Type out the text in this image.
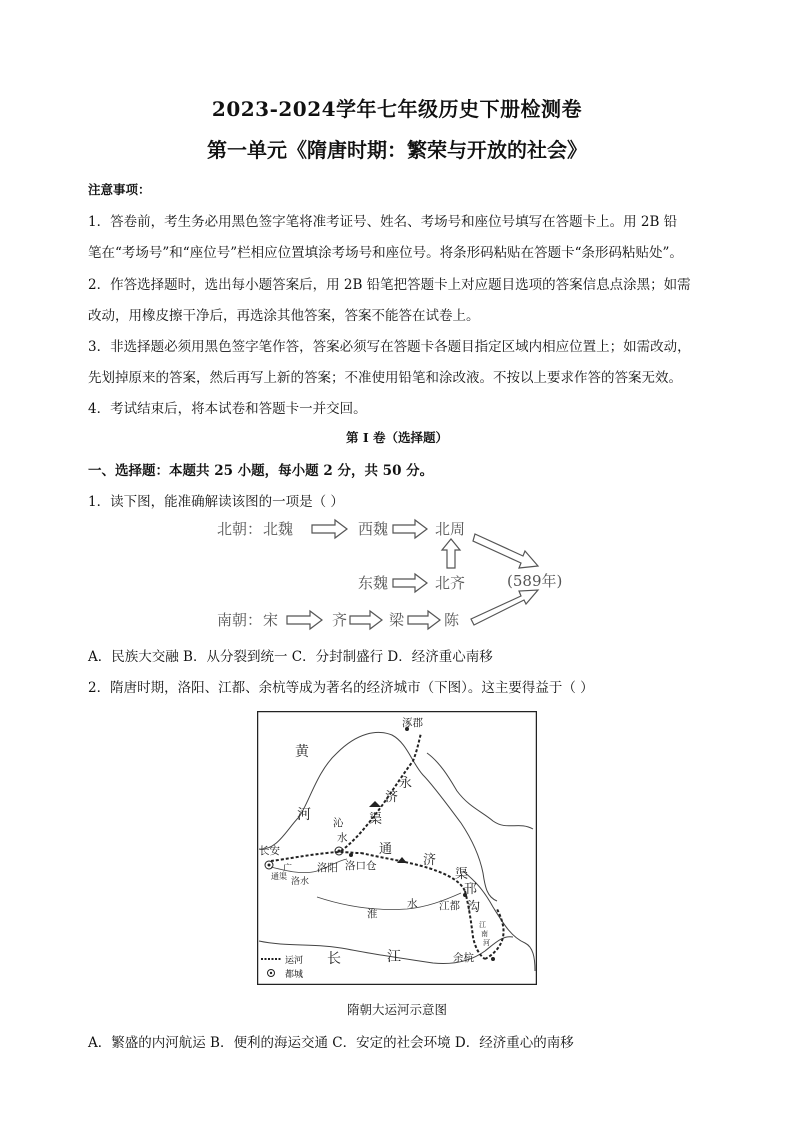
2023-2024学年七年级历史下册检测卷
第一单元《隋唐时期：繁荣与开放的社会》
注意事项：
1．答卷前，考生务必用黑色签字笔将准考证号、姓名、考场号和座位号填写在答题卡上。用 2B 铅
笔在“考场号”和“座位号”栏相应位置填涂考场号和座位号。将条形码粘贴在答题卡“条形码粘贴处”。
2．作答选择题时，选出每小题答案后，用 2B 铅笔把答题卡上对应题目选项的答案信息点涂黑；如需
改动，用橡皮擦干净后，再选涂其他答案，答案不能答在试卷上。
3．非选择题必须用黑色签字笔作答，答案必须写在答题卡各题目指定区域内相应位置上；如需改动，
先划掉原来的答案，然后再写上新的答案；不准使用铅笔和涂改液。不按以上要求作答的答案无效。
4．考试结束后，将本试卷和答题卡一并交回。
第 I 卷（选择题）
一、选择题：本题共 25 小题，每小题 2 分，共 50 分。
1．读下图，能准确解读该图的一项是（ ）
北朝： 北魏	西魏	北周
东魏	北齐	(589年)
南朝： 宋	齐	梁	陈
A．民族大交融 B．从分裂到统一 C．分封制盛行 D．经济重心南移
2．隋唐时期，洛阳、江都、余杭等成为著名的经济城市（下图）。这主要得益于（ ）
涿郡
黄
河
永
济
渠
沁
水
长安
广
通渠
洛水
洛阳 洛口仓
通
济
渠
淮
水 江都
邗
沟
江
南
河
长	江	余杭
运河
都城
隋朝大运河示意图
A．繁盛的内河航运 B．便利的海运交通 C．安定的社会环境 D．经济重心的南移
